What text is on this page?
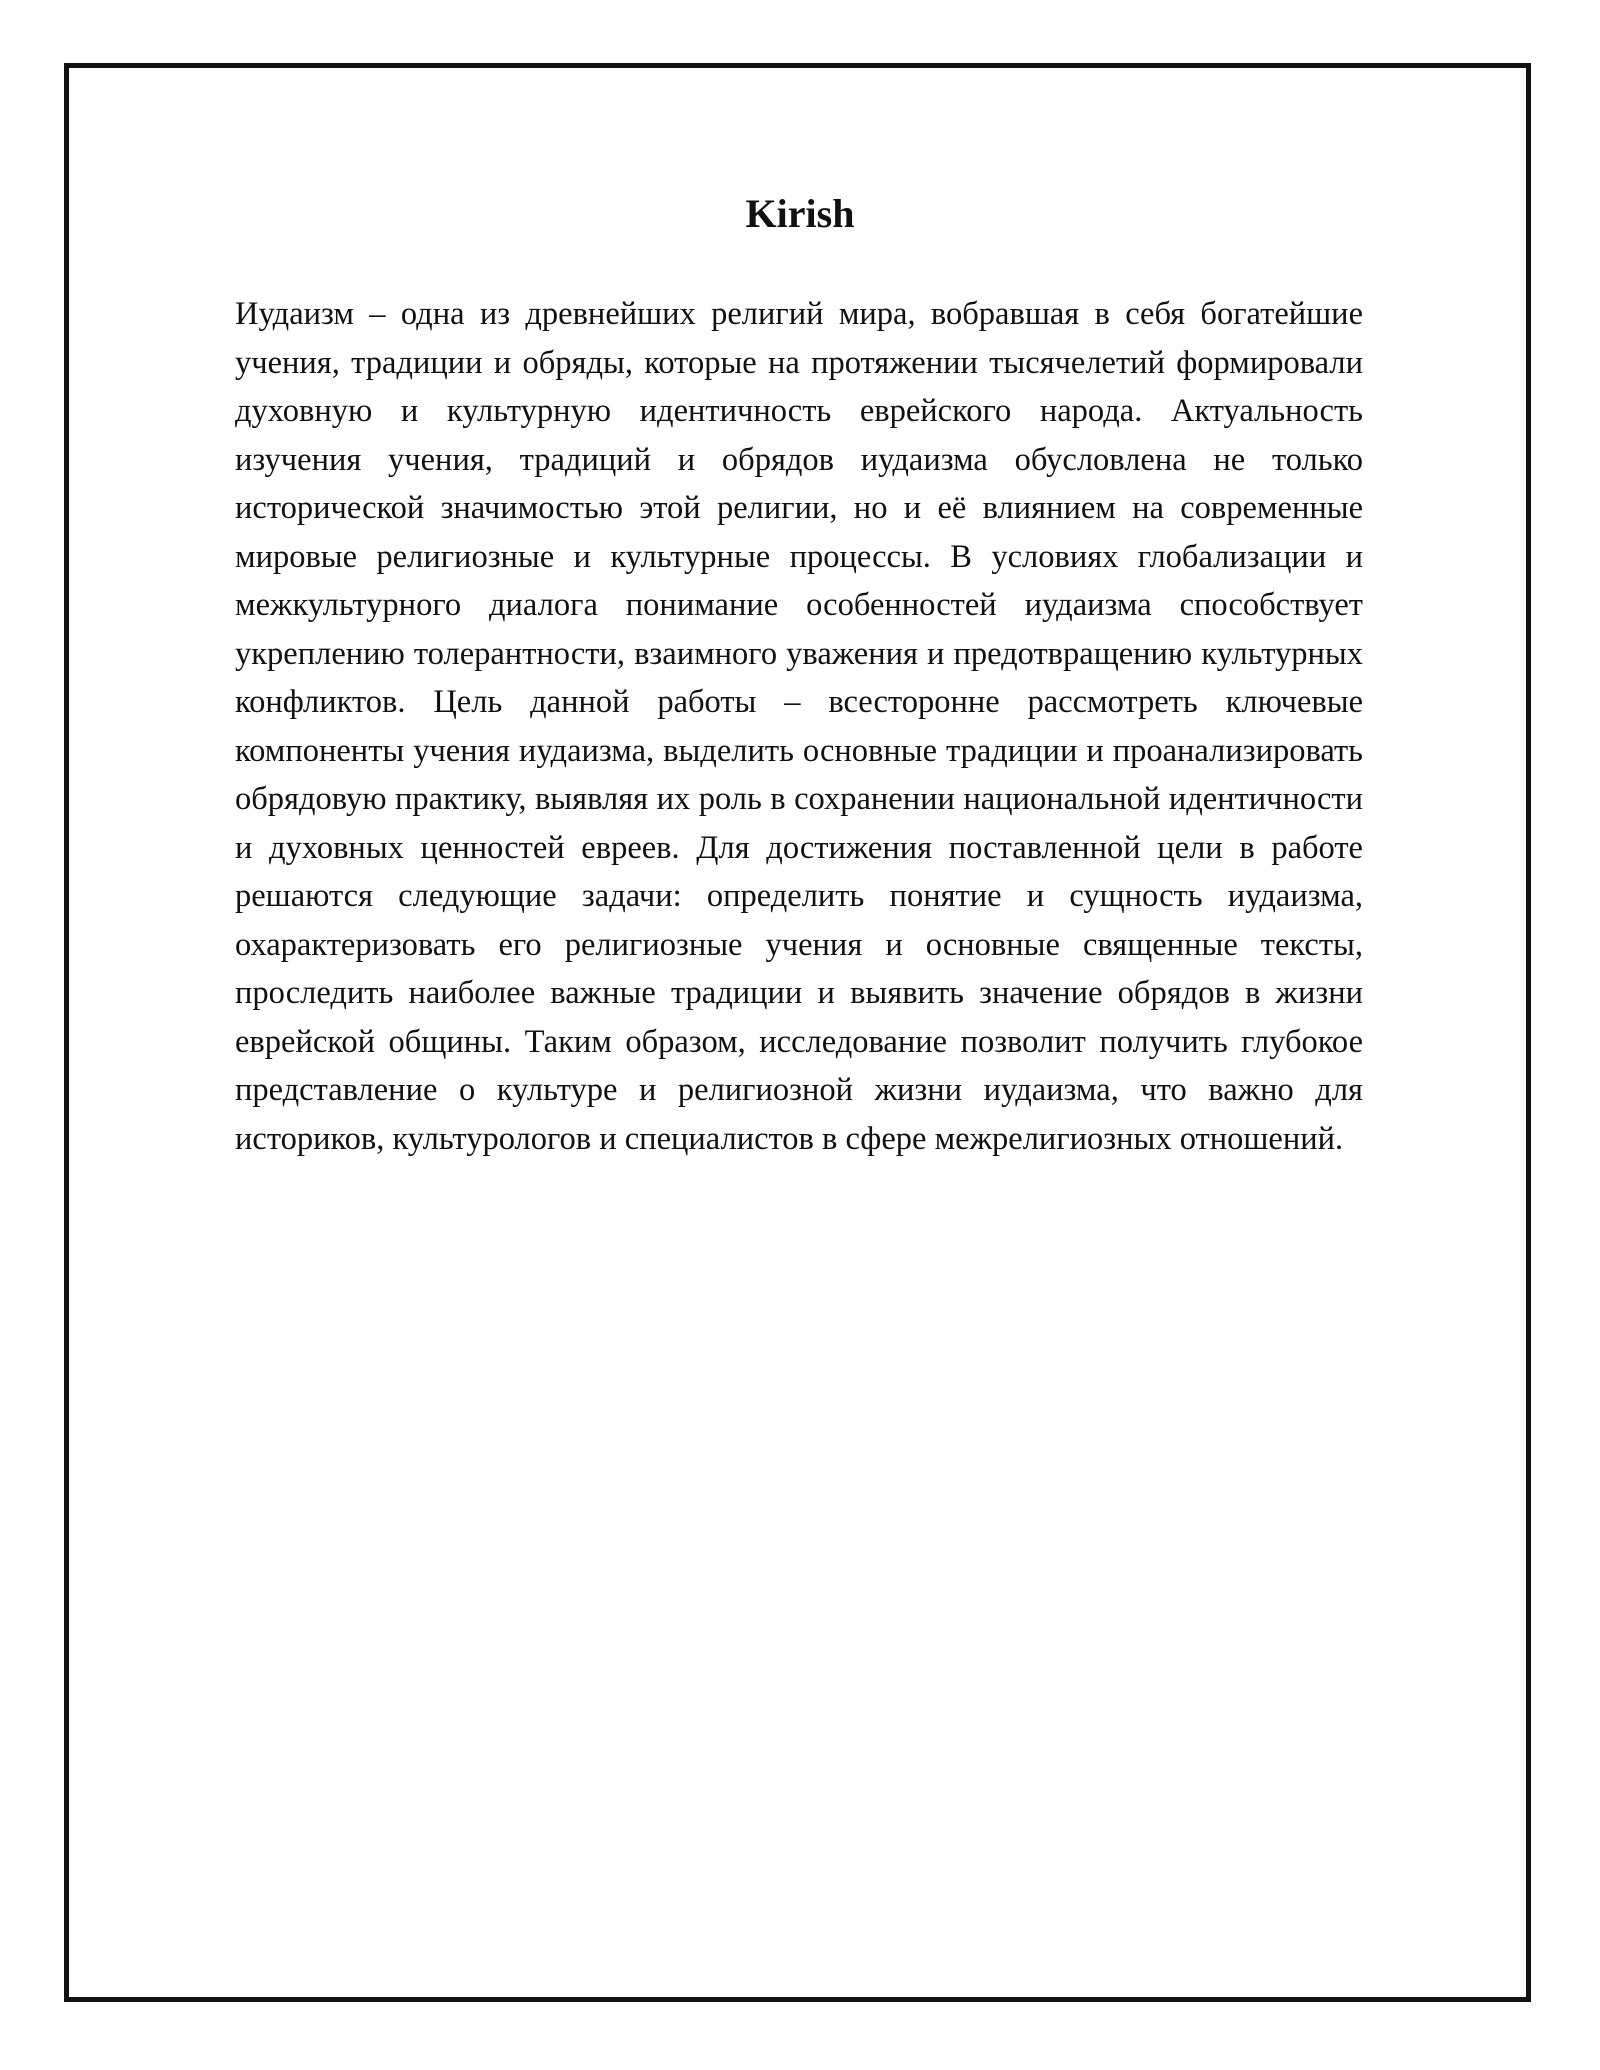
Kirish

Иудаизм – одна из древнейших религий мира, вобравшая в себя богатейшие учения, традиции и обряды, которые на протяжении тысячелетий формировали духовную и культурную идентичность еврейского народа. Актуальность изучения учения, традиций и обрядов иудаизма обусловлена не только исторической значимостью этой религии, но и её влиянием на современные мировые религиозные и культурные процессы. В условиях глобализации и межкультурного диалога понимание особенностей иудаизма способствует укреплению толерантности, взаимного уважения и предотвращению культурных конфликтов. Цель данной работы – всесторонне рассмотреть ключевые компоненты учения иудаизма, выделить основные традиции и проанализировать обрядовую практику, выявляя их роль в сохранении национальной идентичности и духовных ценностей евреев. Для достижения поставленной цели в работе решаются следующие задачи: определить понятие и сущность иудаизма, охарактеризовать его религиозные учения и основные священные тексты, проследить наиболее важные традиции и выявить значение обрядов в жизни еврейской общины. Таким образом, исследование позволит получить глубокое представление о культуре и религиозной жизни иудаизма, что важно для историков, культурологов и специалистов в сфере межрелигиозных отношений.
